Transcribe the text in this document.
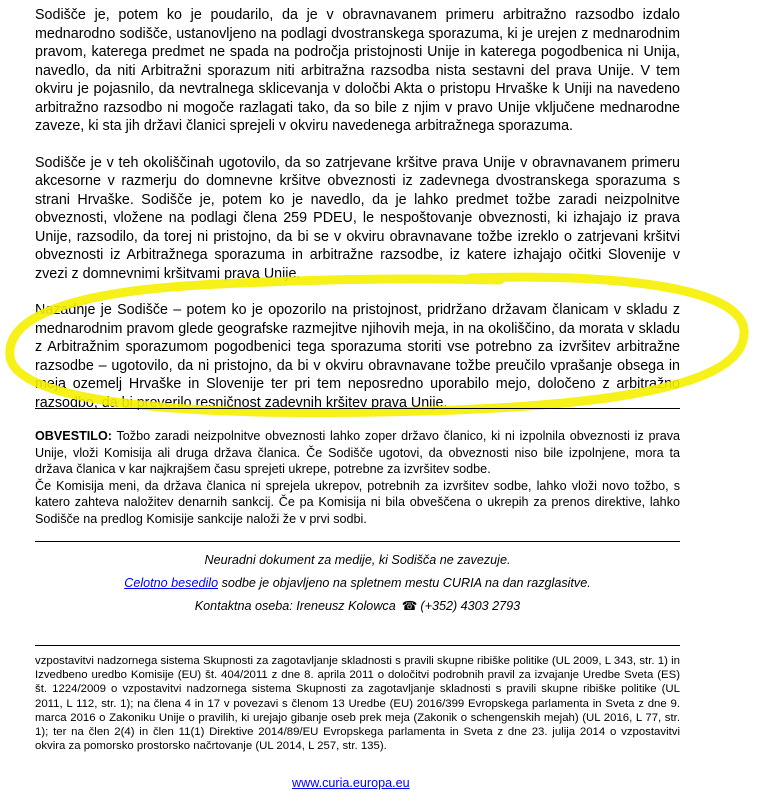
Sodišče je, potem ko je poudarilo, da je v obravnavanem primeru arbitražno razsodbo izdalo mednarodno sodišče, ustanovljeno na podlagi dvostranskega sporazuma, ki je urejen z mednarodnim pravom, katerega predmet ne spada na področja pristojnosti Unije in katerega pogodbenica ni Unija, navedlo, da niti Arbitražni sporazum niti arbitražna razsodba nista sestavni del prava Unije. V tem okviru je pojasnilo, da nevtralnega sklicevanja v določbi Akta o pristopu Hrvaške k Uniji na navedeno arbitražno razsodbo ni mogoče razlagati tako, da so bile z njim v pravo Unije vključene mednarodne zaveze, ki sta jih državi članici sprejeli v okviru navedenega arbitražnega sporazuma.

Sodišče je v teh okoliščinah ugotovilo, da so zatrjevane kršitve prava Unije v obravnavanem primeru akcesorne v razmerju do domnevne kršitve obveznosti iz zadevnega dvostranskega sporazuma s strani Hrvaške. Sodišče je, potem ko je navedlo, da je lahko predmet tožbe zaradi neizpolnitve obveznosti, vložene na podlagi člena 259 PDEU, le nespoštovanje obveznosti, ki izhajajo iz prava Unije, razsodilo, da torej ni pristojno, da bi se v okviru obravnavane tožbe izreklo o zatrjevani kršitvi obveznosti iz Arbitražnega sporazuma in arbitražne razsodbe, iz katere izhajajo očitki Slovenije v zvezi z domnevnimi kršitvami prava Unije.

Nazadnje je Sodišče – potem ko je opozorilo na pristojnost, pridržano državam članicam v skladu z mednarodnim pravom glede geografske razmejitve njihovih meja, in na okoliščino, da morata v skladu z Arbitražnim sporazumom pogodbenici tega sporazuma storiti vse potrebno za izvršitev arbitražne razsodbe – ugotovilo, da ni pristojno, da bi v okviru obravnavane tožbe preučilo vprašanje obsega in meja ozemelj Hrvaške in Slovenije ter pri tem neposredno uporabilo mejo, določeno z arbitražno razsodbo, da bi preverilo resničnost zadevnih kršitev prava Unije.

OBVESTILO: Tožbo zaradi neizpolnitve obveznosti lahko zoper državo članico, ki ni izpolnila obveznosti iz prava Unije, vloži Komisija ali druga država članica. Če Sodišče ugotovi, da obveznosti niso bile izpolnjene, mora ta država članica v kar najkrajšem času sprejeti ukrepe, potrebne za izvršitev sodbe.

Če Komisija meni, da država članica ni sprejela ukrepov, potrebnih za izvršitev sodbe, lahko vloži novo tožbo, s katero zahteva naložitev denarnih sankcij. Če pa Komisija ni bila obveščena o ukrepih za prenos direktive, lahko Sodišče na predlog Komisije sankcije naloži že v prvi sodbi.

Neuradni dokument za medije, ki Sodišča ne zavezuje.

Celotno besedilo sodbe je objavljeno na spletnem mestu CURIA na dan razglasitve.

Kontaktna oseba: Ireneusz Kolowca ☎ (+352) 4303 2793

vzpostavitvi nadzornega sistema Skupnosti za zagotavljanje skladnosti s pravili skupne ribiške politike (UL 2009, L 343, str. 1) in Izvedbeno uredbo Komisije (EU) št. 404/2011 z dne 8. aprila 2011 o določitvi podrobnih pravil za izvajanje Uredbe Sveta (ES) št. 1224/2009 o vzpostavitvi nadzornega sistema Skupnosti za zagotavljanje skladnosti s pravili skupne ribiške politike (UL 2011, L 112, str. 1); na člena 4 in 17 v povezavi s členom 13 Uredbe (EU) 2016/399 Evropskega parlamenta in Sveta z dne 9. marca 2016 o Zakoniku Unije o pravilih, ki urejajo gibanje oseb prek meja (Zakonik o schengenskih mejah) (UL 2016, L 77, str. 1); ter na člen 2(4) in člen 11(1) Direktive 2014/89/EU Evropskega parlamenta in Sveta z dne 23. julija 2014 o vzpostavitvi okvira za pomorsko prostorsko načrtovanje (UL 2014, L 257, str. 135).

www.curia.europa.eu
